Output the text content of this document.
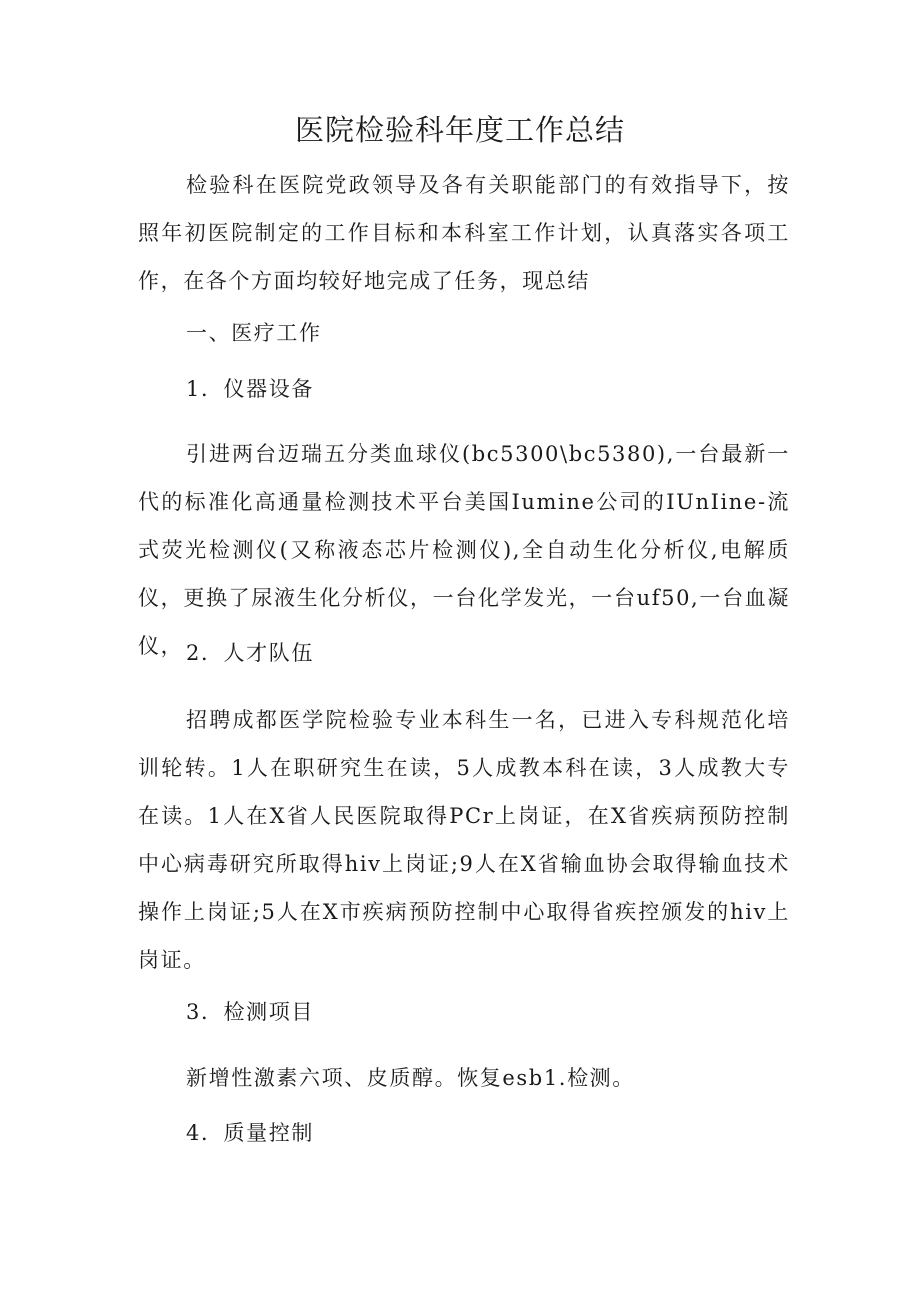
医院检验科年度工作总结

检验科在医院党政领导及各有关职能部门的有效指导下，按照年初医院制定的工作目标和本科室工作计划，认真落实各项工作，在各个方面均较好地完成了任务，现总结

一、医疗工作

1．仪器设备

引进两台迈瑞五分类血球仪(bc5300\bc5380),一台最新一代的标准化高通量检测技术平台美国Iumine公司的IUnIine-流式荧光检测仪(又称液态芯片检测仪),全自动生化分析仪,电解质仪，更换了尿液生化分析仪，一台化学发光，一台uf50,一台血凝仪， 2．人才队伍

招聘成都医学院检验专业本科生一名，已进入专科规范化培训轮转。1人在职研究生在读，5人成教本科在读，3人成教大专在读。1人在X省人民医院取得PCr上岗证，在X省疾病预防控制中心病毒研究所取得hiv上岗证;9人在X省输血协会取得输血技术操作上岗证;5人在X市疾病预防控制中心取得省疾控颁发的hiv上岗证。

3．检测项目

新增性激素六项、皮质醇。恢复esb1.检测。

4．质量控制
